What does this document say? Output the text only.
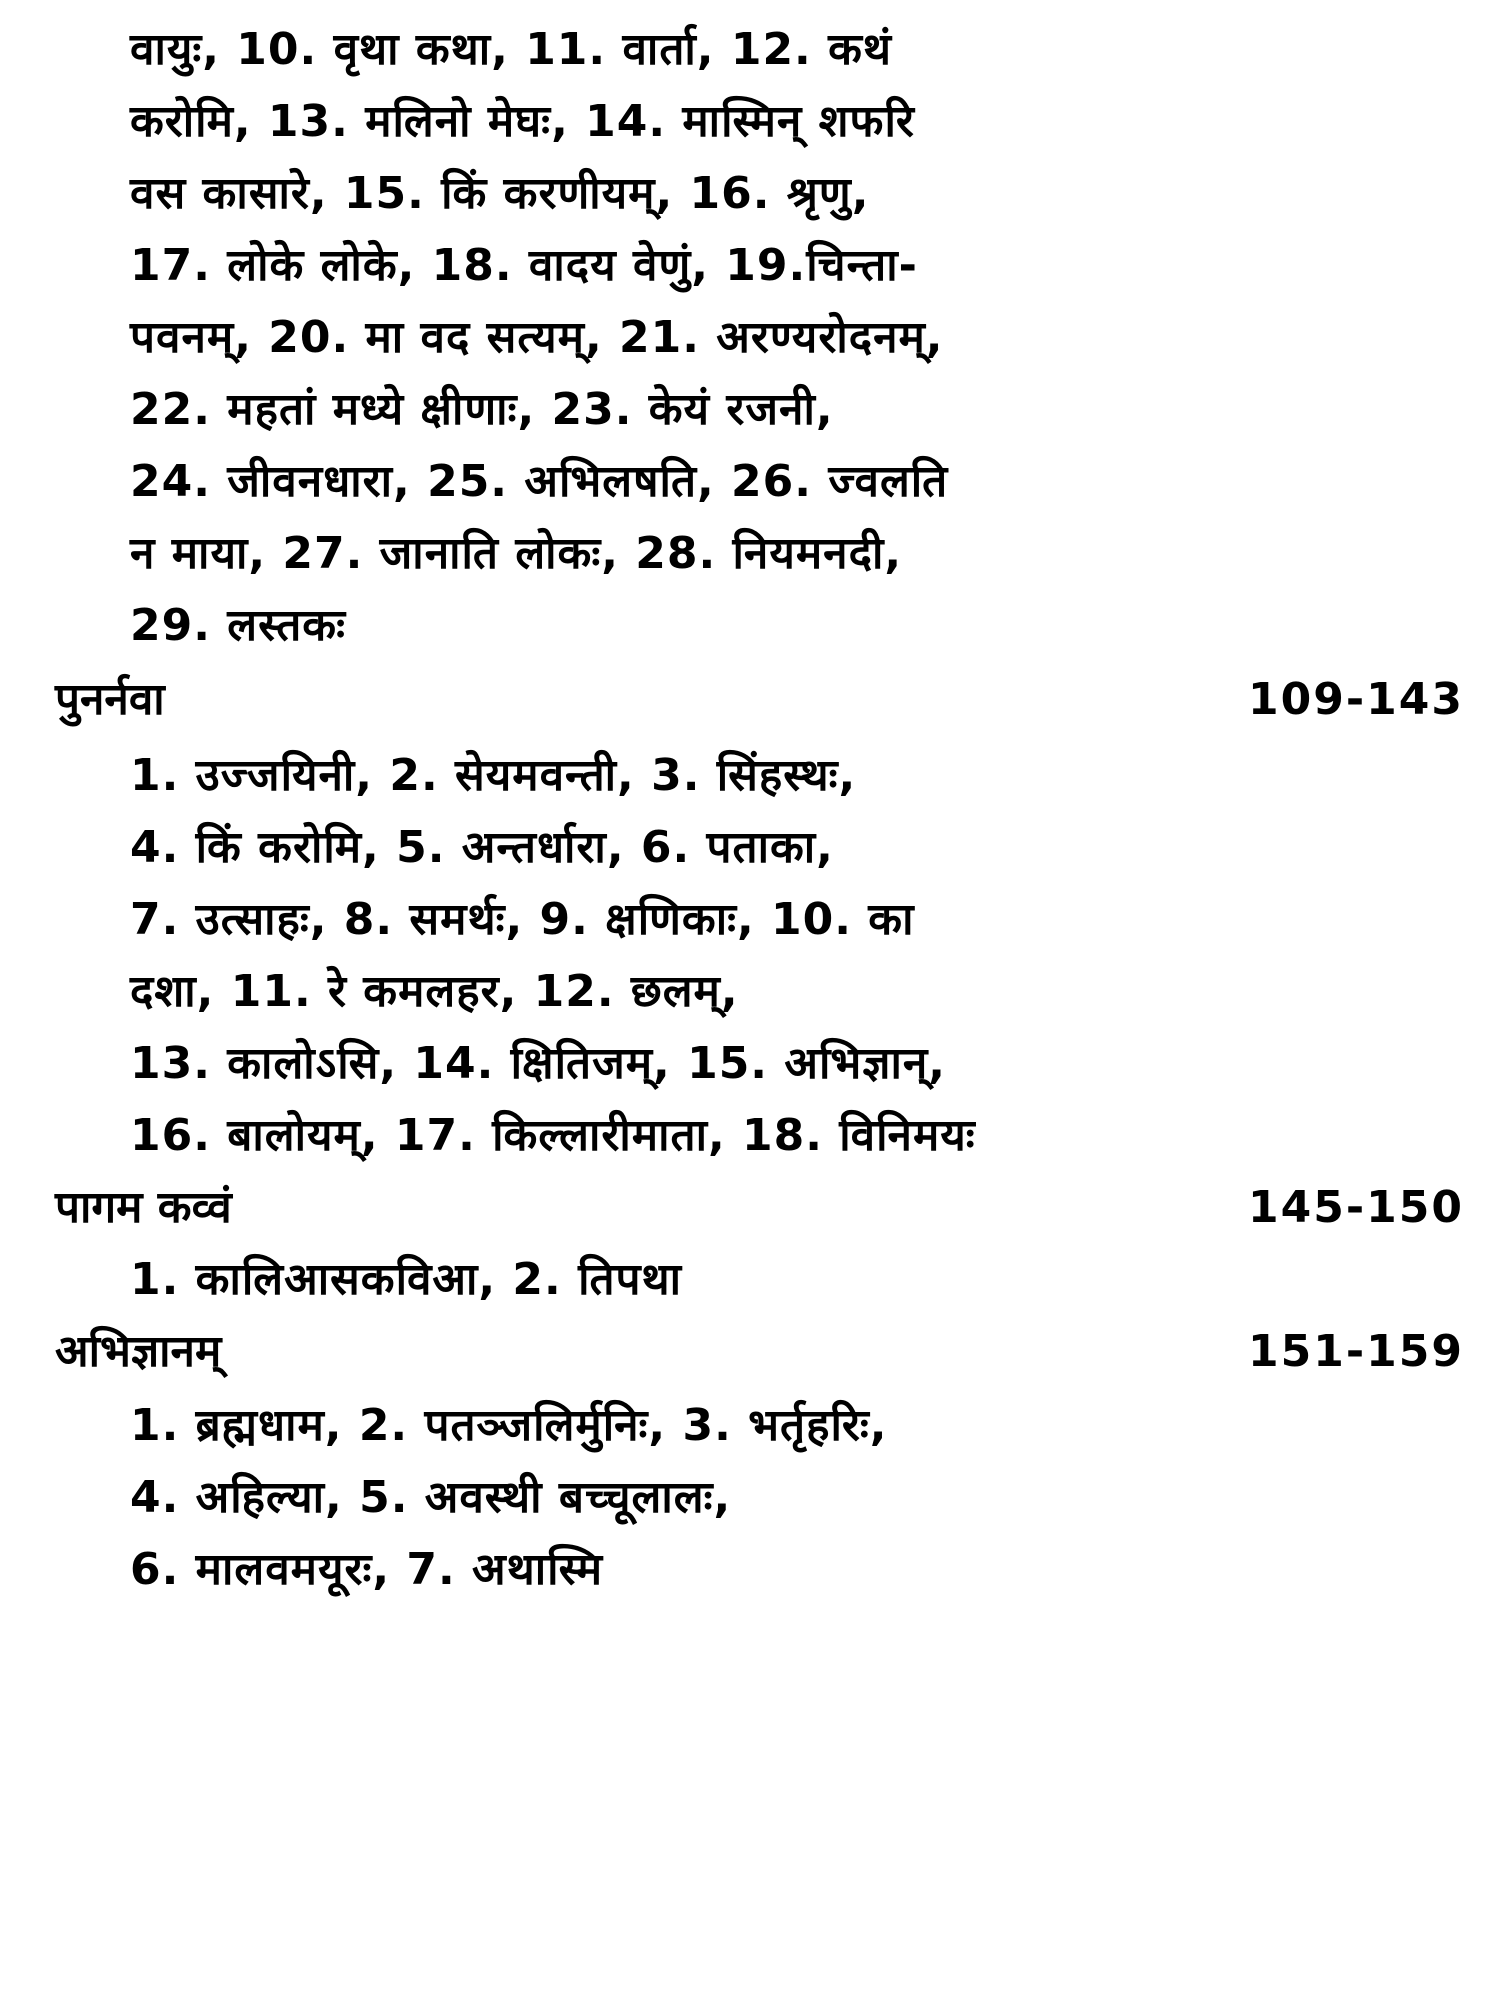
वायुः, 10. वृथा कथा, 11. वार्ता, 12. कथं
करोमि, 13. मलिनो मेघः, 14. मास्मिन् शफरि
वस कासारे, 15. किं करणीयम्, 16. श्रृणु,
17. लोके लोके, 18. वादय वेणुं, 19.चिन्ता-
पवनम्, 20. मा वद सत्यम्, 21. अरण्यरोदनम्,
22. महतां मध्ये क्षीणाः, 23. केयं रजनी,
24. जीवनधारा, 25. अभिलषति, 26. ज्वलति
न माया, 27. जानाति लोकः, 28. नियमनदी,
29. लस्तकः
पुनर्नवा	109-143
1. उज्जयिनी, 2. सेयमवन्ती, 3. सिंहस्थः,
4. किं करोमि, 5. अन्तर्धारा, 6. पताका,
7. उत्साहः, 8. समर्थः, 9. क्षणिकाः, 10. का
दशा, 11. रे कमलहर, 12. छलम्,
13. कालोऽसि, 14. क्षितिजम्, 15. अभिज्ञान्,
16. बालोयम्, 17. किल्लारीमाता, 18. विनिमयः
पागम कव्वं	145-150
1. कालिआसकविआ, 2. तिपथा
अभिज्ञानम्	151-159
1. ब्रह्मधाम, 2. पतञ्जलिर्मुनिः, 3. भर्तृहरिः,
4. अहिल्या, 5. अवस्थी बच्चूलालः,
6. मालवमयूरः, 7. अथास्मि
